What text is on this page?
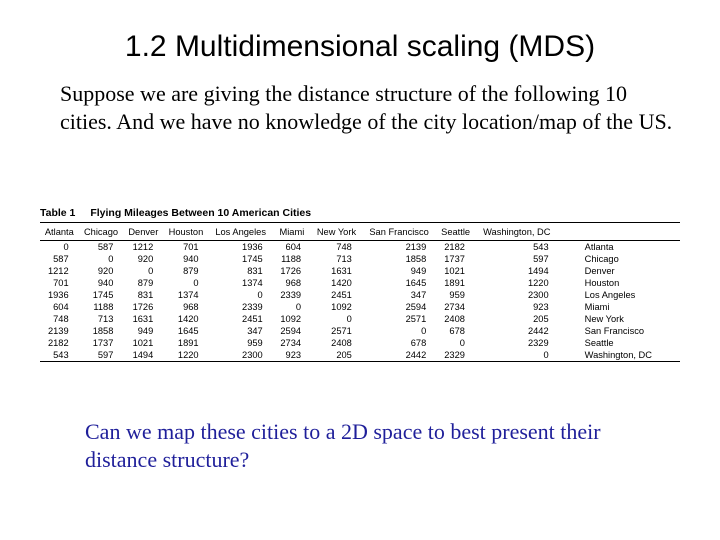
1.2 Multidimensional scaling (MDS)
Suppose we are giving the distance structure of the following 10 cities. And we have no knowledge of the city location/map of the US.
Table 1 Flying Mileages Between 10 American Cities
Atlanta	Chicago	Denver	Houston	Los Angeles	Miami	New York	San Francisco	Seattle	Washington, DC	
0	587	1212	701	1936	604	748	2139	2182	543	Atlanta
587	0	920	940	1745	1188	713	1858	1737	597	Chicago
1212	920	0	879	831	1726	1631	949	1021	1494	Denver
701	940	879	0	1374	968	1420	1645	1891	1220	Houston
1936	1745	831	1374	0	2339	2451	347	959	2300	Los Angeles
604	1188	1726	968	2339	0	1092	2594	2734	923	Miami
748	713	1631	1420	2451	1092	0	2571	2408	205	New York
2139	1858	949	1645	347	2594	2571	0	678	2442	San Francisco
2182	1737	1021	1891	959	2734	2408	678	0	2329	Seattle
543	597	1494	1220	2300	923	205	2442	2329	0	Washington, DC
Can we map these cities to a 2D space to best present their distance structure?
